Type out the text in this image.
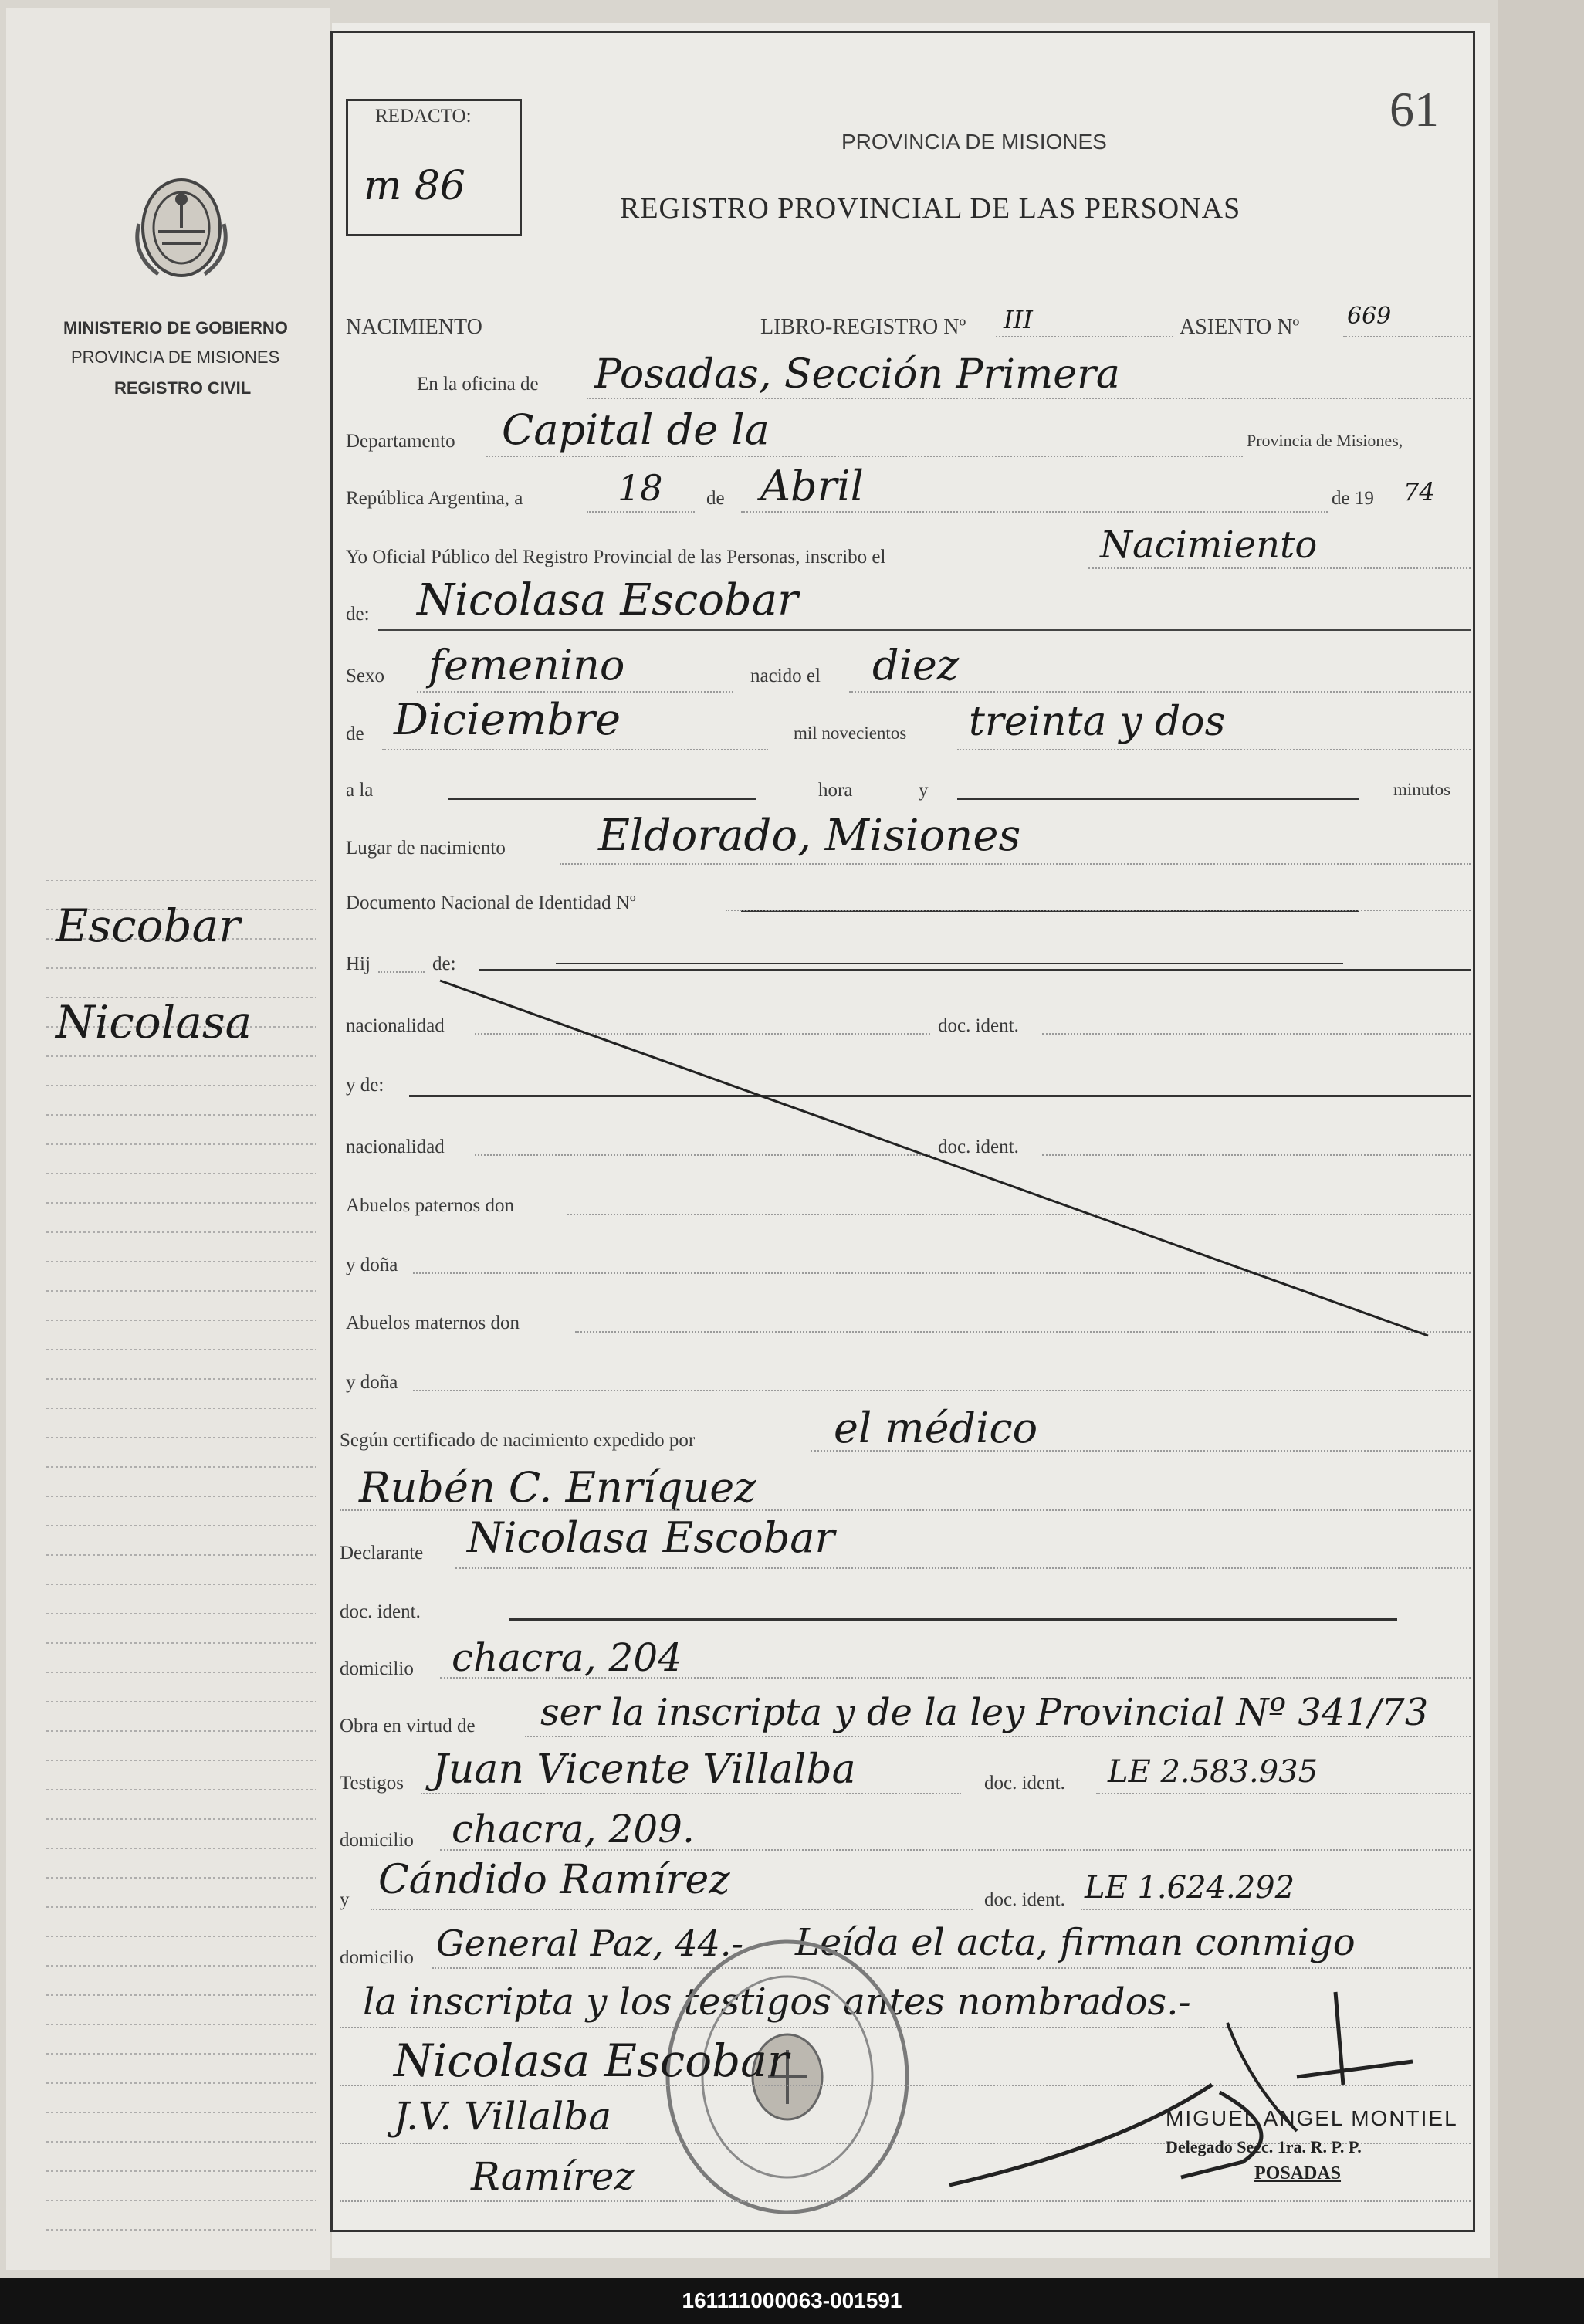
MINISTERIO DE GOBIERNO
PROVINCIA DE MISIONES
REGISTRO CIVIL
Escobar
Nicolasa
REDACTO:
m 86
61
PROVINCIA DE MISIONES
REGISTRO PROVINCIAL DE LAS PERSONAS
NACIMIENTO	LIBRO-REGISTRO Nº III	ASIENTO Nº 669
En la oficina de Posadas, Sección Primera
Departamento Capital de la	Provincia de Misiones,
República Argentina, a	18 de Abril	de 19 74
Yo Oficial Público del Registro Provincial de las Personas, inscribo el	Nacimiento
de: Nicolasa Escobar
Sexo femenino	nacido el diez
de Diciembre	mil novecientos treinta y dos
a la	hora	y	minutos
Lugar de nacimiento Eldorado, Misiones
Documento Nacional de Identidad Nº
Hij	de:
nacionalidad	doc. ident.
y de:
nacionalidad	doc. ident.
Abuelos paternos don
y doña
Abuelos maternos don
y doña
Según certificado de nacimiento expedido por	el médico
Rubén C. Enríquez
Declarante Nicolasa Escobar
doc. ident.
domicilio chacra, 204
Obra en virtud de ser la inscripta y de la ley Provincial Nº 341/73
Testigos Juan Vicente Villalba	doc. ident. LE 2.583.935
domicilio chacra, 209.
y Cándido Ramírez	doc. ident. LE 1.624.292
domicilio General Paz, 44.- Leída el acta, firman conmigo
la inscripta y los testigos antes nombrados.-
Nicolasa Escobar
J.V. Villalba
Ramírez
MIGUEL ANGEL MONTIEL
Delegado Secc. 1ra. R. P. P.
POSADAS
161111000063-001591
